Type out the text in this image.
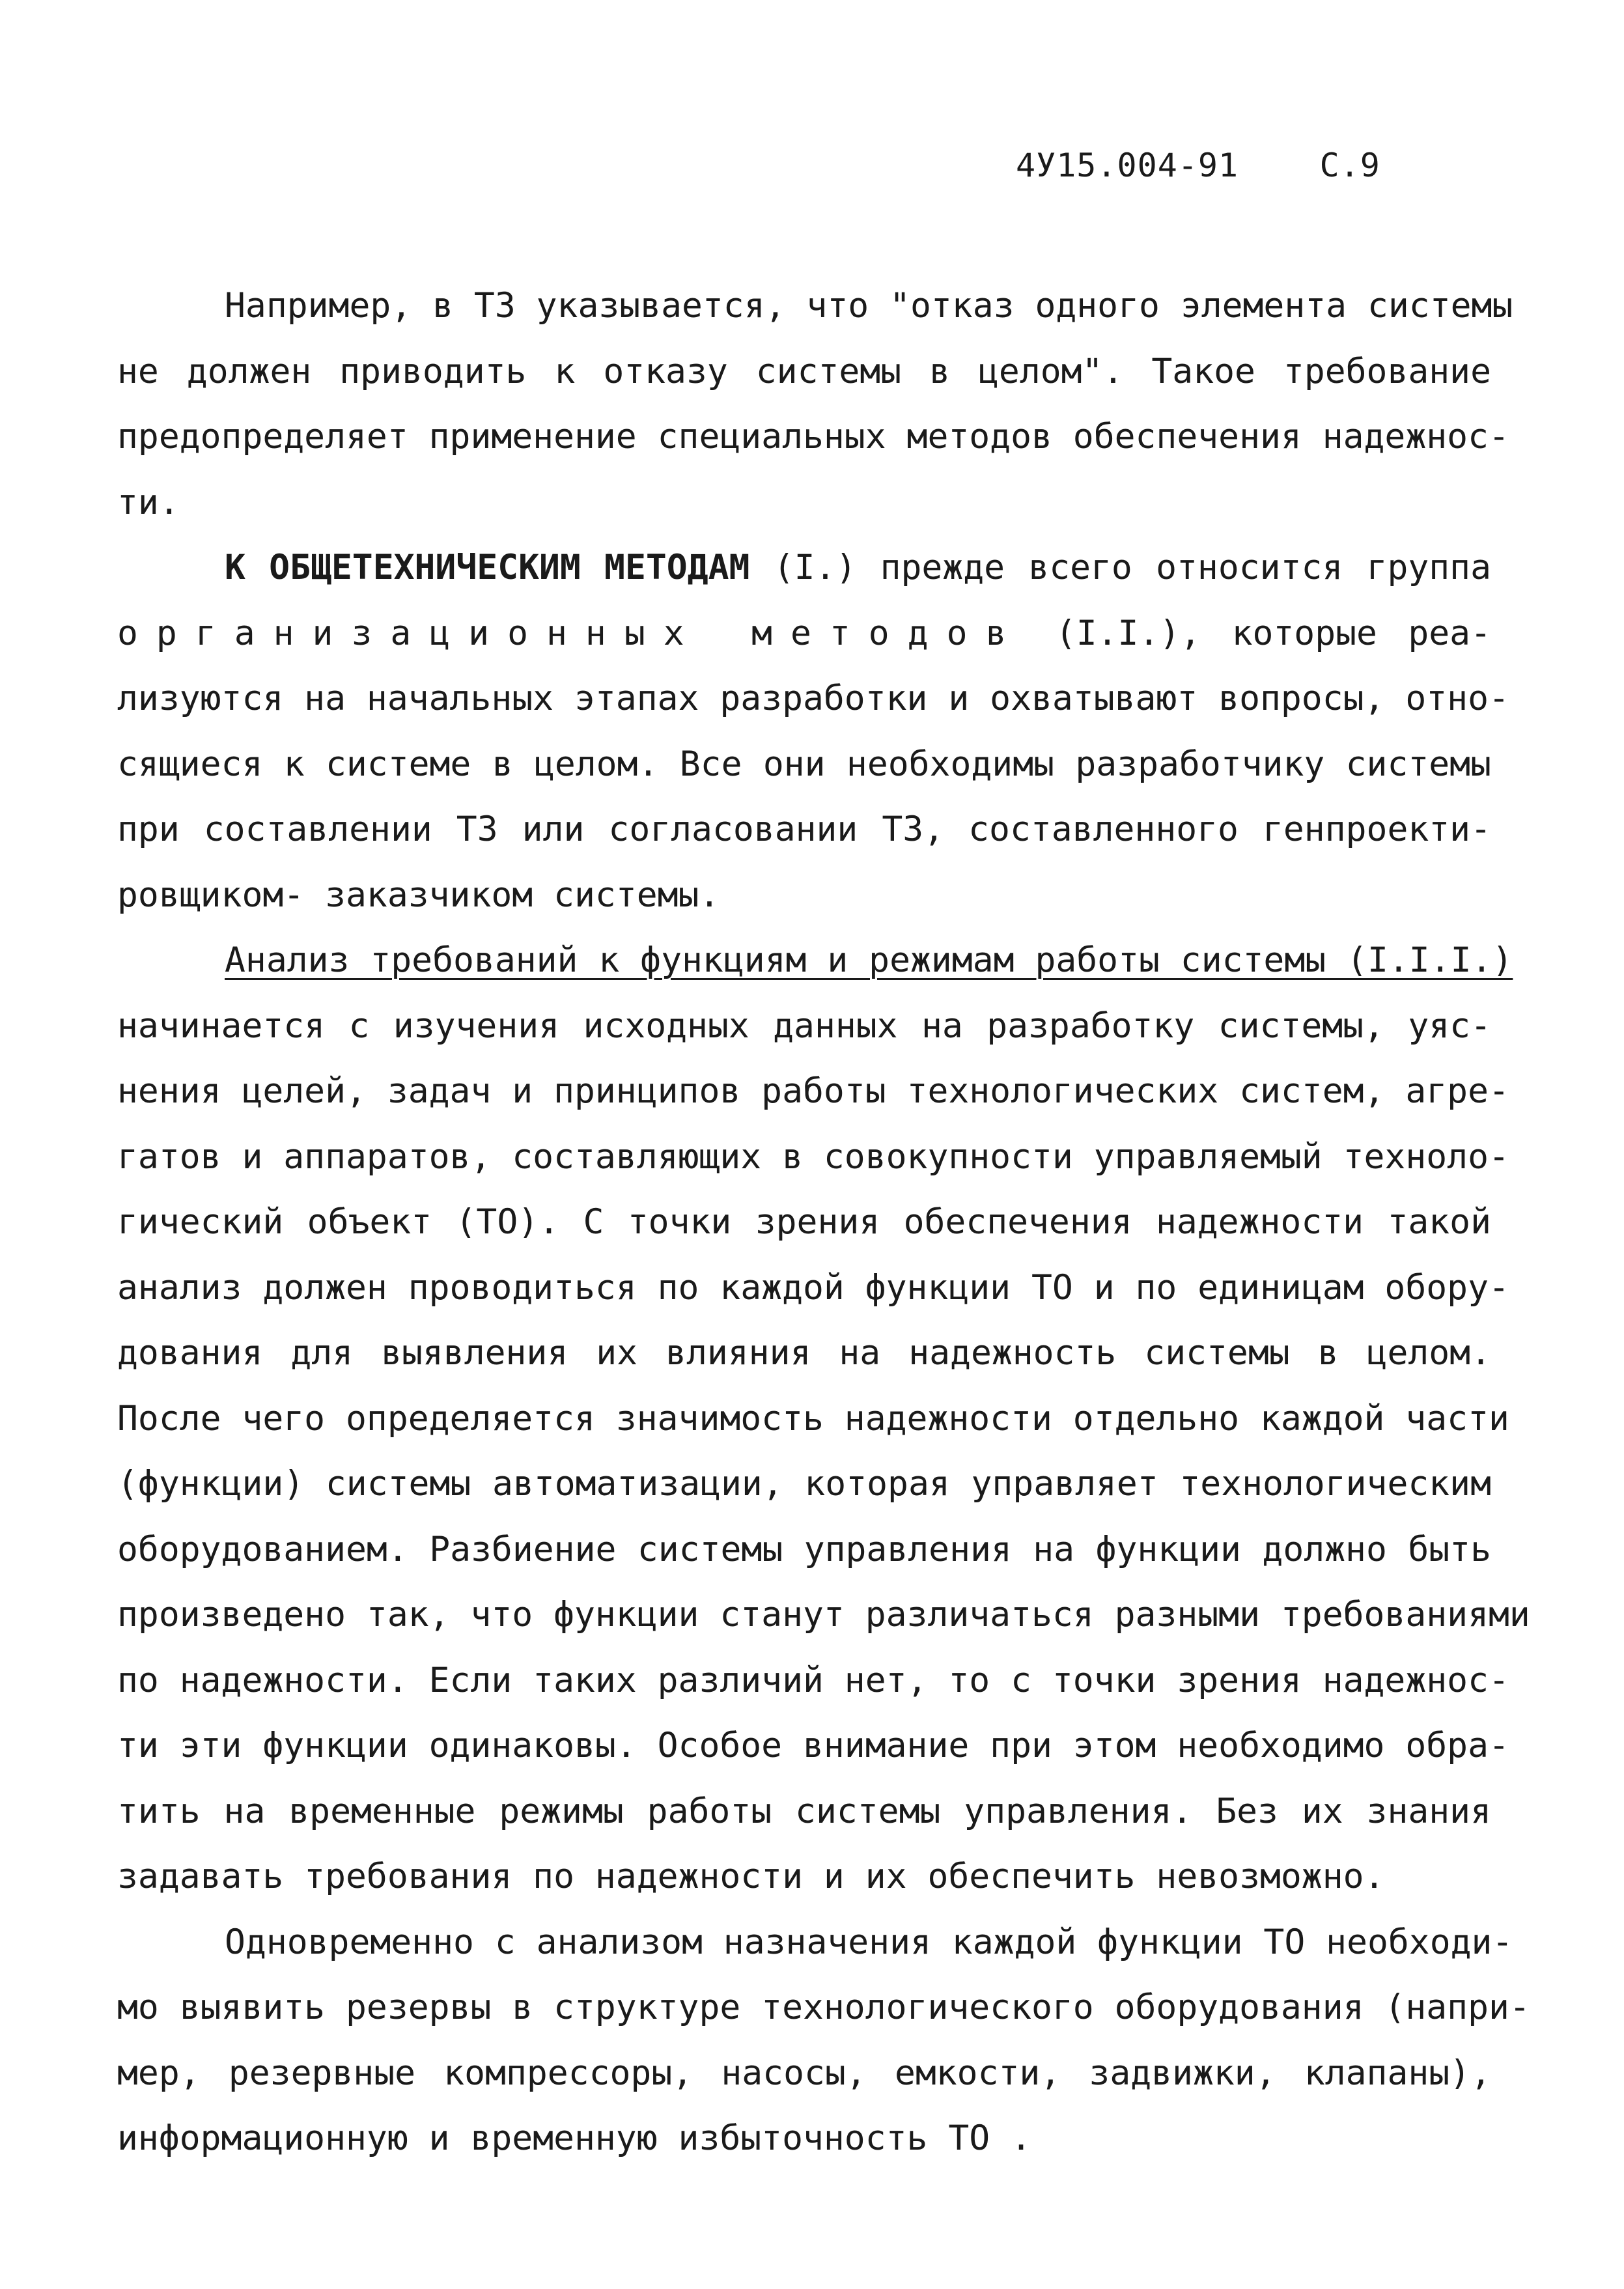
4У15.004-91 С.9
Например, в ТЗ указывается, что "отказ одного элемента системы
не должен приводить к отказу системы в целом". Такое требование
предопределяет применение специальных методов обеспечения надежнос-
ти.
К ОБЩЕТЕХНИЧЕСКИМ МЕТОДАМ (I.) прежде всего относится группа
организационных методов (I.I.), которые реа-
лизуются на начальных этапах разработки и охватывают вопросы, отно-
сящиеся к системе в целом. Все они необходимы разработчику системы
при составлении ТЗ или согласовании ТЗ, составленного генпроекти-
ровщиком- заказчиком системы.
Анализ требований к функциям и режимам работы системы (I.I.I.)
начинается с изучения исходных данных на разработку системы, уяс-
нения целей, задач и принципов работы технологических систем, агре-
гатов и аппаратов, составляющих в совокупности управляемый техноло-
гический объект (ТО). С точки зрения обеспечения надежности такой
анализ должен проводиться по каждой функции ТО и по единицам обору-
дования для выявления их влияния на надежность системы в целом.
После чего определяется значимость надежности отдельно каждой части
(функции) системы автоматизации, которая управляет технологическим
оборудованием. Разбиение системы управления на функции должно быть
произведено так, что функции станут различаться разными требованиями
по надежности. Если таких различий нет, то с точки зрения надежнос-
ти эти функции одинаковы. Особое внимание при этом необходимо обра-
тить на временные режимы работы системы управления. Без их знания
задавать требования по надежности и их обеспечить невозможно.
Одновременно с анализом назначения каждой функции ТО необходи-
мо выявить резервы в структуре технологического оборудования (напри-
мер, резервные компрессоры, насосы, емкости, задвижки, клапаны),
информационную и временную избыточность ТО .
